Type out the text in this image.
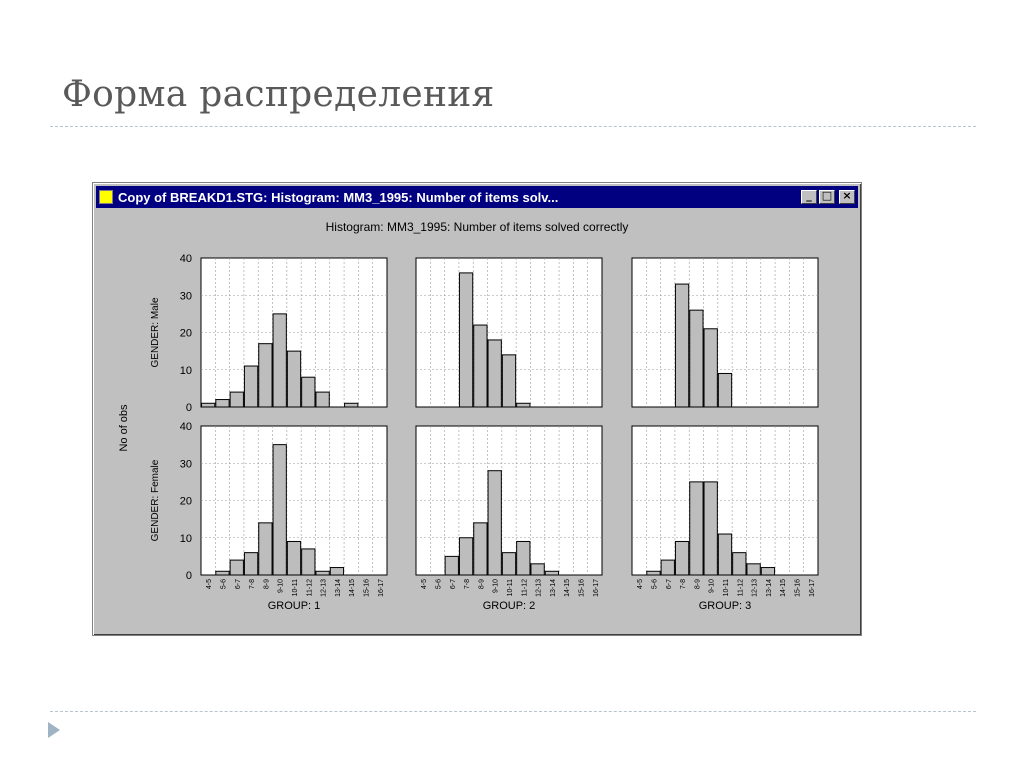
Форма распределения
Copy of BREAKD1.STG: Histogram: MM3_1995: Number of items solv...	_ □ ×
Histogram: MM3_1995: Number of items solved correctly
No of obs
GENDER: Male
GENDER: Female
0
10
20
30
40
0
10
20
30
40
4-5 5-6 6-7 7-8 8-9 9-10 10-11 11-12 12-13 13-14 14-15 15-16 16-17
GROUP: 1
4-5 5-6 6-7 7-8 8-9 9-10 10-11 11-12 12-13 13-14 14-15 15-16 16-17
GROUP: 2
4-5 5-6 6-7 7-8 8-9 9-10 10-11 11-12 12-13 13-14 14-15 15-16 16-17
GROUP: 3
